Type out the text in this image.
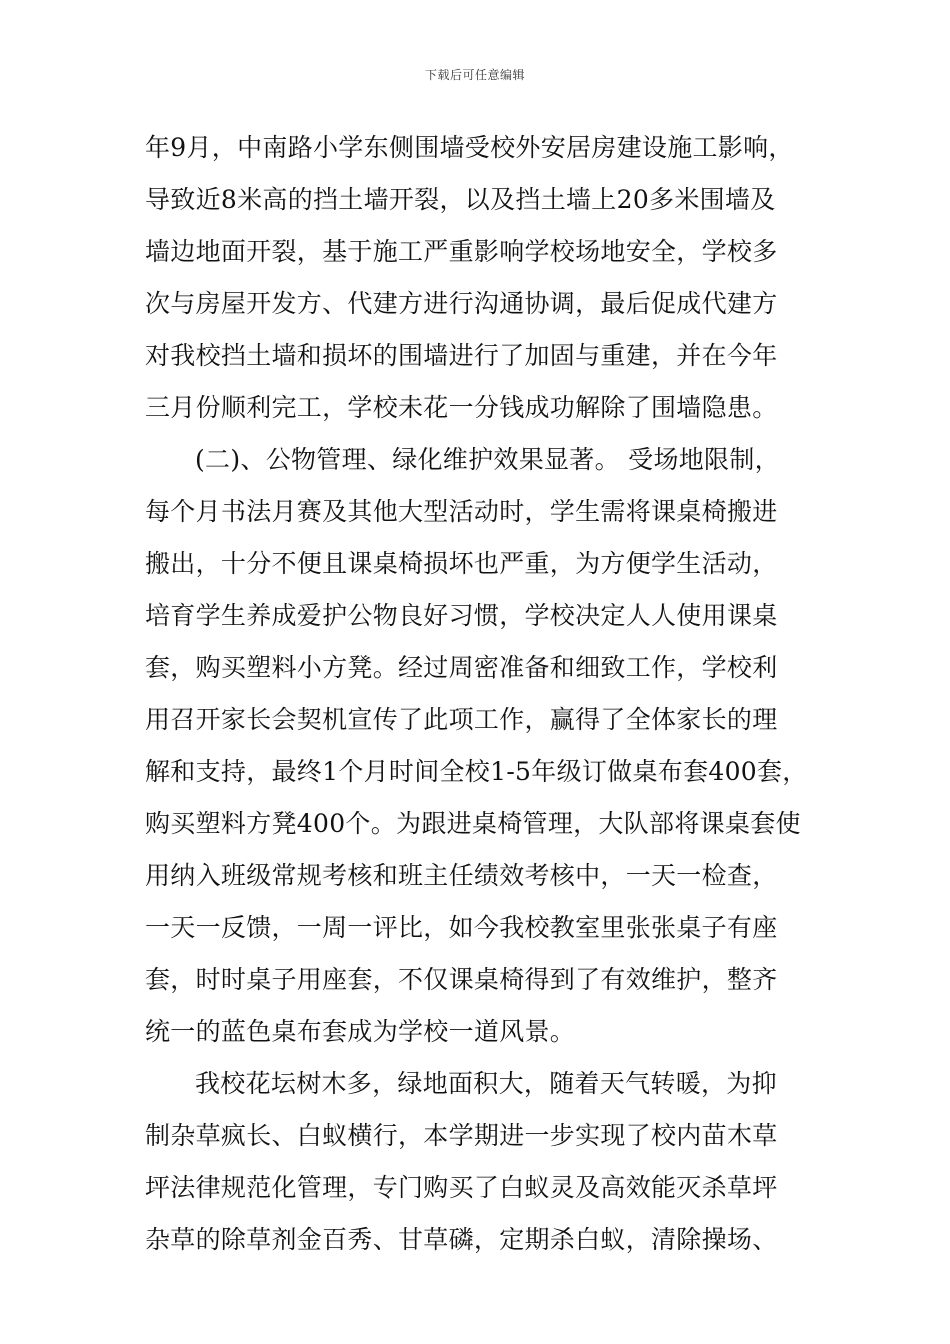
下载后可任意编辑
年9月，中南路小学东侧围墙受校外安居房建设施工影响，
导致近8米高的挡土墙开裂，以及挡土墙上20多米围墙及
墙边地面开裂，基于施工严重影响学校场地安全，学校多
次与房屋开发方、代建方进行沟通协调，最后促成代建方
对我校挡土墙和损坏的围墙进行了加固与重建，并在今年
三月份顺利完工，学校未花一分钱成功解除了围墙隐患。
(二)、公物管理、绿化维护效果显著。 受场地限制，
每个月书法月赛及其他大型活动时，学生需将课桌椅搬进
搬出，十分不便且课桌椅损坏也严重，为方便学生活动，
培育学生养成爱护公物良好习惯，学校决定人人使用课桌
套，购买塑料小方凳。经过周密准备和细致工作，学校利
用召开家长会契机宣传了此项工作，赢得了全体家长的理
解和支持，最终1个月时间全校1-5年级订做桌布套400套，
购买塑料方凳400个。为跟进桌椅管理，大队部将课桌套使
用纳入班级常规考核和班主任绩效考核中，一天一检查，
一天一反馈，一周一评比，如今我校教室里张张桌子有座
套，时时桌子用座套，不仅课桌椅得到了有效维护，整齐
统一的蓝色桌布套成为学校一道风景。
我校花坛树木多，绿地面积大，随着天气转暖，为抑
制杂草疯长、白蚁横行，本学期进一步实现了校内苗木草
坪法律规范化管理，专门购买了白蚁灵及高效能灭杀草坪
杂草的除草剂金百秀、甘草磷，定期杀白蚁，清除操场、
